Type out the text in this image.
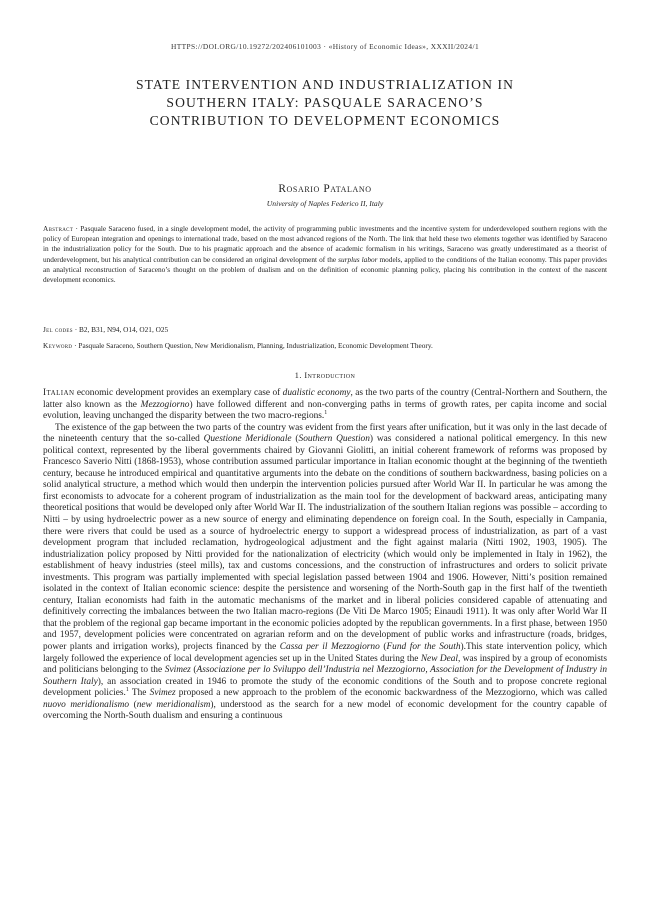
HTTPS://DOI.ORG/10.19272/202406101003 · «History of Economic Ideas», XXXII/2024/1
STATE INTERVENTION AND INDUSTRIALIZATION IN SOUTHERN ITALY: PASQUALE SARACENO’S CONTRIBUTION TO DEVELOPMENT ECONOMICS
Rosario Patalano
University of Naples Federico II, Italy

Abstract · Pasquale Saraceno fused, in a single development model, the activity of programming public investments and the incentive system for underdeveloped southern regions with the policy of European integration and openings to international trade, based on the most advanced regions of the North. The link that held these two elements together was identified by Saraceno in the industrialization policy for the South. Due to his pragmatic approach and the absence of academic formalism in his writings, Saraceno was greatly underestimated as a theorist of underdevelopment, but his analytical contribution can be considered an original development of the surplus labor models, applied to the conditions of the Italian economy. This paper provides an analytical reconstruction of Saraceno’s thought on the problem of dualism and on the definition of economic planning policy, placing his contribution in the context of the nascent development economics.

Jel codes · B2, B31, N94, O14, O21, O25

Keyword · Pasquale Saraceno, Southern Question, New Meridionalism, Planning, Industrialization, Economic Development Theory.

1. Introduction

Italian economic development provides an exemplary case of dualistic economy, as the two parts of the country (Central-Northern and Southern, the latter also known as the Mezzogiorno) have followed different and non-converging paths in terms of growth rates, per capita income and social evolution, leaving unchanged the disparity between the two macro-regions.$^1$

The existence of the gap between the two parts of the country was evident from the first years after unification, but it was only in the last decade of the nineteenth century that the so-called Questione Meridionale (Southern Question) was considered a national political emergency. In this new political context, represented by the liberal governments chaired by Giovanni Giolitti, an initial coherent framework of reforms was proposed by Francesco Saverio Nitti (1868-1953), whose contribution assumed particular importance in Italian economic thought at the beginning of the twentieth century, because he introduced empirical and quantitative arguments into the debate on the conditions of southern backwardness, basing policies on a solid analytical structure, a method which would then underpin the intervention policies pursued after World War II. In particular he was among the first economists to advocate for a coherent program of industrialization as the main tool for the development of backward areas, anticipating many theoretical positions that would be developed only after World War II. The industrialization of the southern Italian regions was possible – according to Nitti – by using hydroelectric power as a new source of energy and eliminating dependence on foreign coal. In the South, especially in Campania, there were rivers that could be used as a source of hydroelectric energy to support a widespread process of industrialization, as part of a vast development program that included reclamation, hydrogeological adjustment and the fight against malaria (Nitti 1902, 1903, 1905). The industrialization policy proposed by Nitti provided for the nationalization of electricity (which would only be implemented in Italy in 1962), the establishment of heavy industries (steel mills), tax and customs concessions, and the construction of infrastructures and orders to solicit private investments. This program was partially implemented with special legislation passed between 1904 and 1906. However, Nitti’s position remained isolated in the context of Italian economic science: despite the persistence and worsening of the North-South gap in the first half of the twentieth century, Italian economists had faith in the automatic mechanisms of the market and in liberal policies considered capable of attenuating and definitively correcting the imbalances between the two Italian macro-regions (De Viti De Marco 1905; Einaudi 1911). It was only after World War II that the problem of the regional gap became important in the economic policies adopted by the republican governments. In a first phase, between 1950 and 1957, development policies were concentrated on agrarian reform and on the development of public works and infrastructure (roads, bridges, power plants and irrigation works), projects financed by the Cassa per il Mezzogiorno (Fund for the South).This state intervention policy, which largely followed the experience of local development agencies set up in the United States during the New Deal, was inspired by a group of economists and politicians belonging to the Svimez (Associazione per lo Sviluppo dell’Industria nel Mezzogiorno, Association for the Development of Industry in Southern Italy), an association created in 1946 to promote the study of the economic conditions of the South and to propose concrete regional development policies.$^1$ The Svimez proposed a new approach to the problem of the economic backwardness of the Mezzogiorno, which was called nuovo meridionalismo (new meridionalism), understood as the search for a new model of economic development for the country capable of overcoming the North-South dualism and ensuring a continuous
